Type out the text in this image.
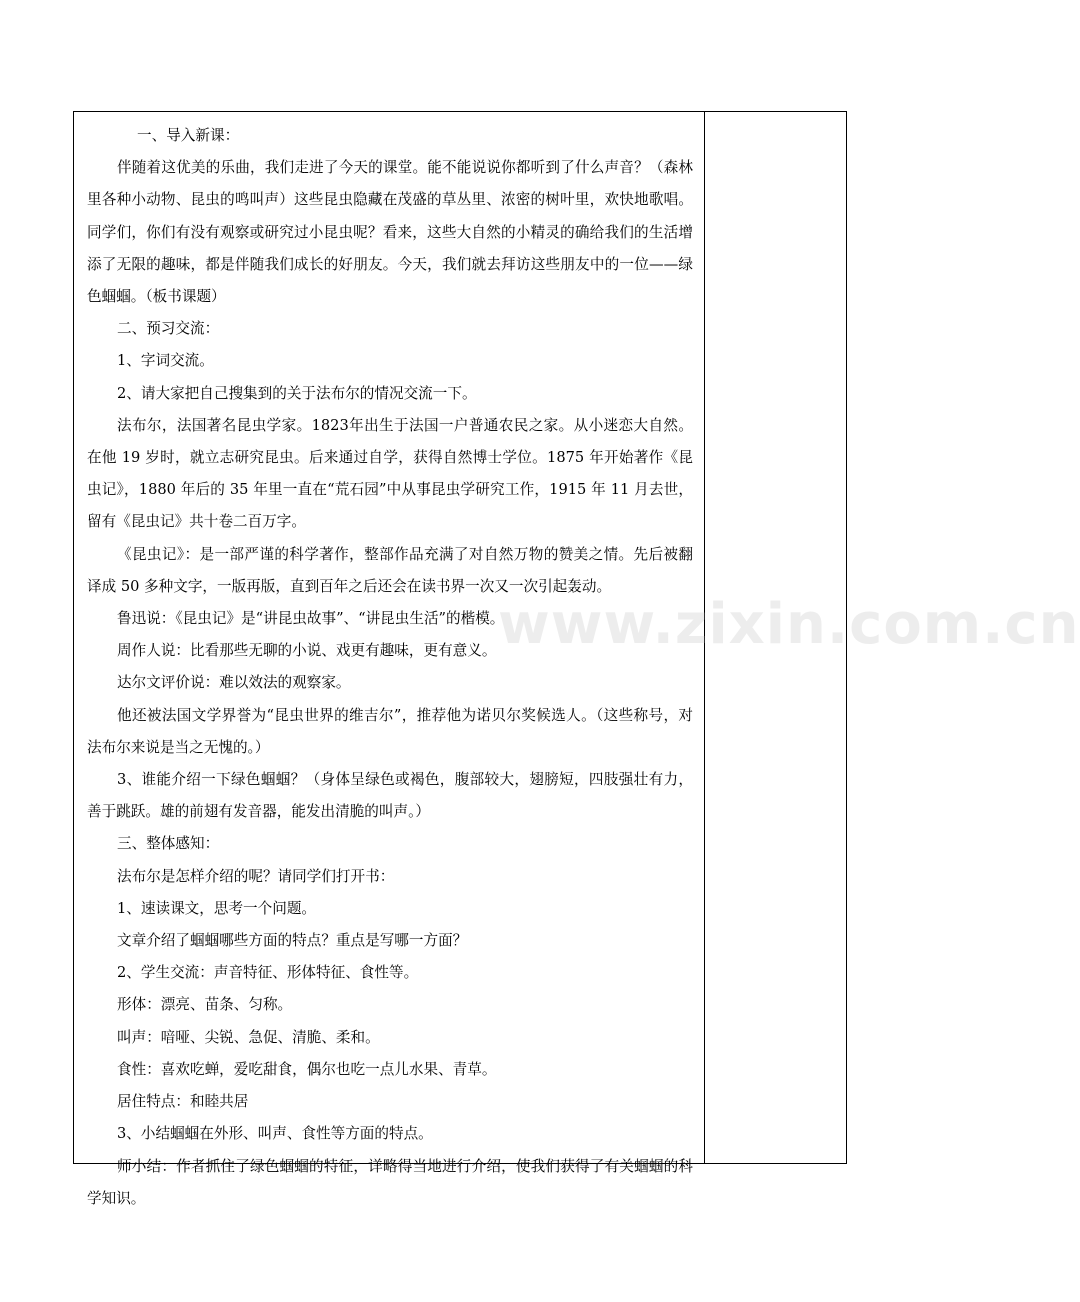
一、导入新课：

伴随着这优美的乐曲，我们走进了今天的课堂。能不能说说你都听到了什么声音？（森林里各种小动物、昆虫的鸣叫声）这些昆虫隐藏在茂盛的草丛里、浓密的树叶里，欢快地歌唱。同学们，你们有没有观察或研究过小昆虫呢？看来，这些大自然的小精灵的确给我们的生活增添了无限的趣味，都是伴随我们成长的好朋友。今天，我们就去拜访这些朋友中的一位——绿色蝈蝈。（板书课题）

二、预习交流：

1、字词交流。

2、请大家把自己搜集到的关于法布尔的情况交流一下。

法布尔，法国著名昆虫学家。1823年出生于法国一户普通农民之家。从小迷恋大自然。在他 19 岁时，就立志研究昆虫。后来通过自学，获得自然博士学位。1875 年开始著作《昆虫记》，1880 年后的 35 年里一直在“荒石园”中从事昆虫学研究工作，1915 年 11 月去世，留有《昆虫记》共十卷二百万字。

《昆虫记》：是一部严谨的科学著作，整部作品充满了对自然万物的赞美之情。先后被翻译成 50 多种文字，一版再版，直到百年之后还会在读书界一次又一次引起轰动。

鲁迅说：《昆虫记》是“讲昆虫故事”、“讲昆虫生活”的楷模。

周作人说：比看那些无聊的小说、戏更有趣味，更有意义。

达尔文评价说：难以效法的观察家。

他还被法国文学界誉为“昆虫世界的维吉尔”，推荐他为诺贝尔奖候选人。（这些称号，对法布尔来说是当之无愧的。）

3、谁能介绍一下绿色蝈蝈？（身体呈绿色或褐色，腹部较大，翅膀短，四肢强壮有力，善于跳跃。雄的前翅有发音器，能发出清脆的叫声。）

三、整体感知：

法布尔是怎样介绍的呢？请同学们打开书：

1、速读课文，思考一个问题。

文章介绍了蝈蝈哪些方面的特点？重点是写哪一方面？

2、学生交流：声音特征、形体特征、食性等。

形体：漂亮、苗条、匀称。

叫声：喑哑、尖锐、急促、清脆、柔和。

食性：喜欢吃蝉，爱吃甜食，偶尔也吃一点儿水果、青草。

居住特点：和睦共居

3、小结蝈蝈在外形、叫声、食性等方面的特点。

师小结：作者抓住了绿色蝈蝈的特征，详略得当地进行介绍，使我们获得了有关蝈蝈的科学知识。

www.zixin.com.cn
